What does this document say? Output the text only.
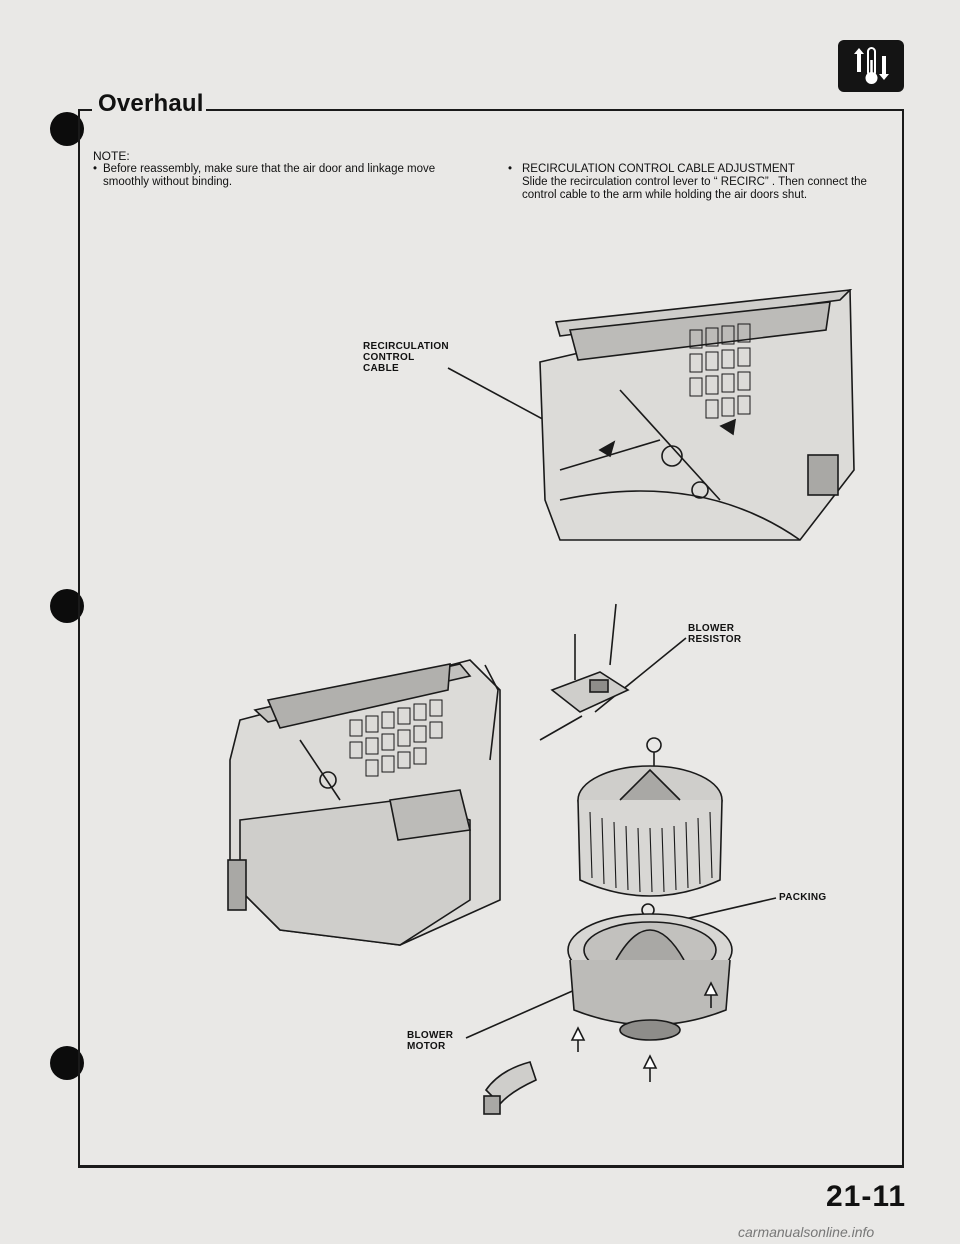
Overhaul
NOTE:
• Before reassembly, make sure that the air door and linkage move smoothly without binding.
• RECIRCULATION CONTROL CABLE ADJUSTMENT
Slide the recirculation control lever to “ RECIRC” . Then connect the control cable to the arm while holding the air doors shut.
RECIRCULATION
CONTROL
CABLE
BLOWER
RESISTOR
PACKING
BLOWER
MOTOR
21-11
carmanualsonline.info
